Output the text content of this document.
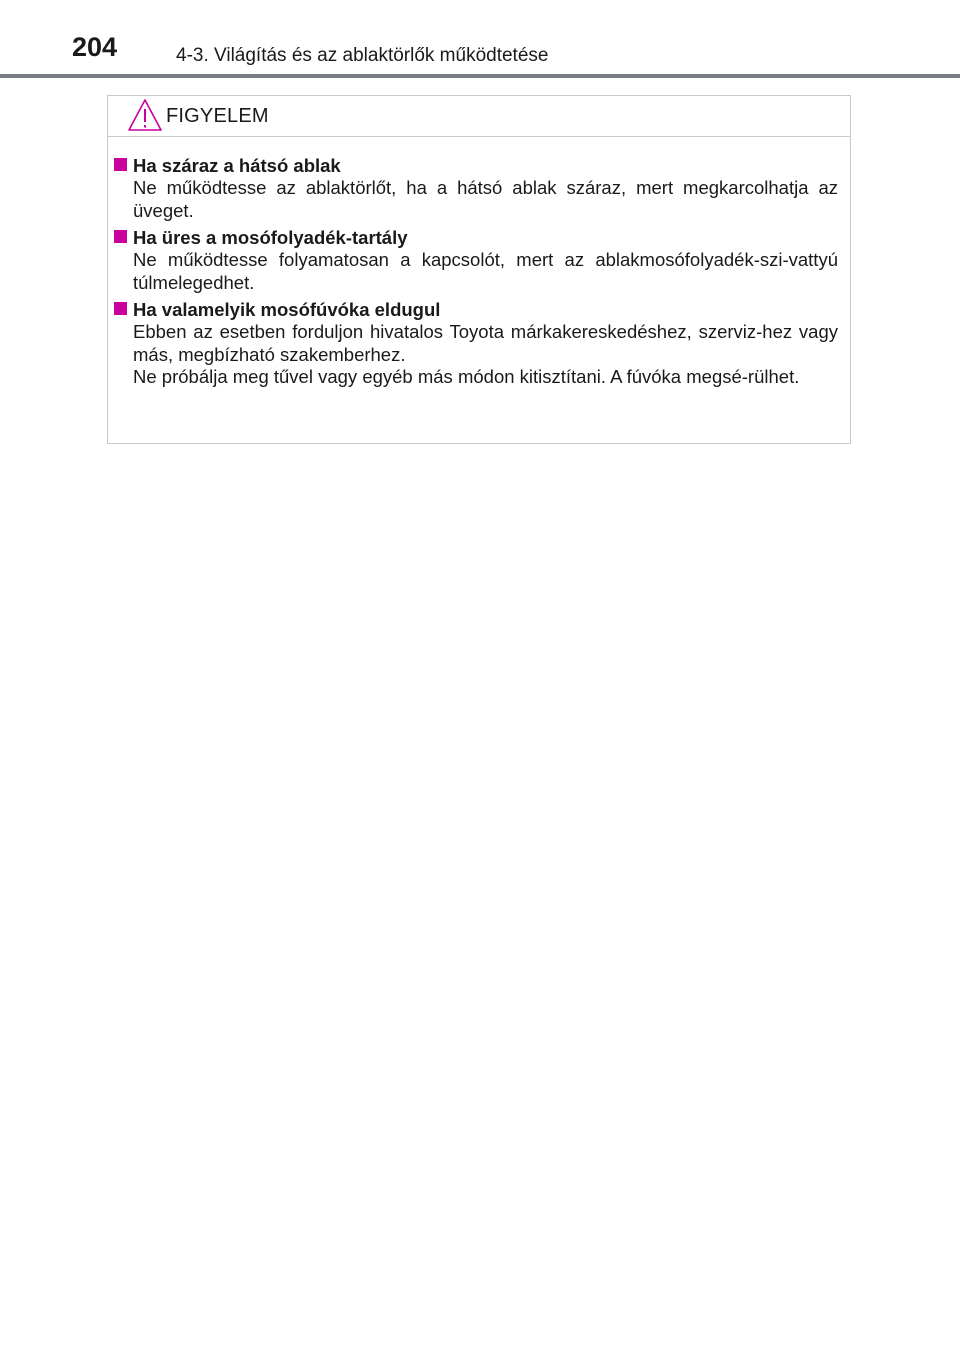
204	4-3. Világítás és az ablaktörlők működtetése
FIGYELEM
Ha száraz a hátsó ablak
Ne működtesse az ablaktörlőt, ha a hátsó ablak száraz, mert megkarcolhatja az üveget.
Ha üres a mosófolyadék-tartály
Ne működtesse folyamatosan a kapcsolót, mert az ablakmosófolyadék-szi-vattyú túlmelegedhet.
Ha valamelyik mosófúvóka eldugul
Ebben az esetben forduljon hivatalos Toyota márkakereskedéshez, szerviz-hez vagy más, megbízható szakemberhez.
Ne próbálja meg tűvel vagy egyéb más módon kitisztítani. A fúvóka megsé-rülhet.
